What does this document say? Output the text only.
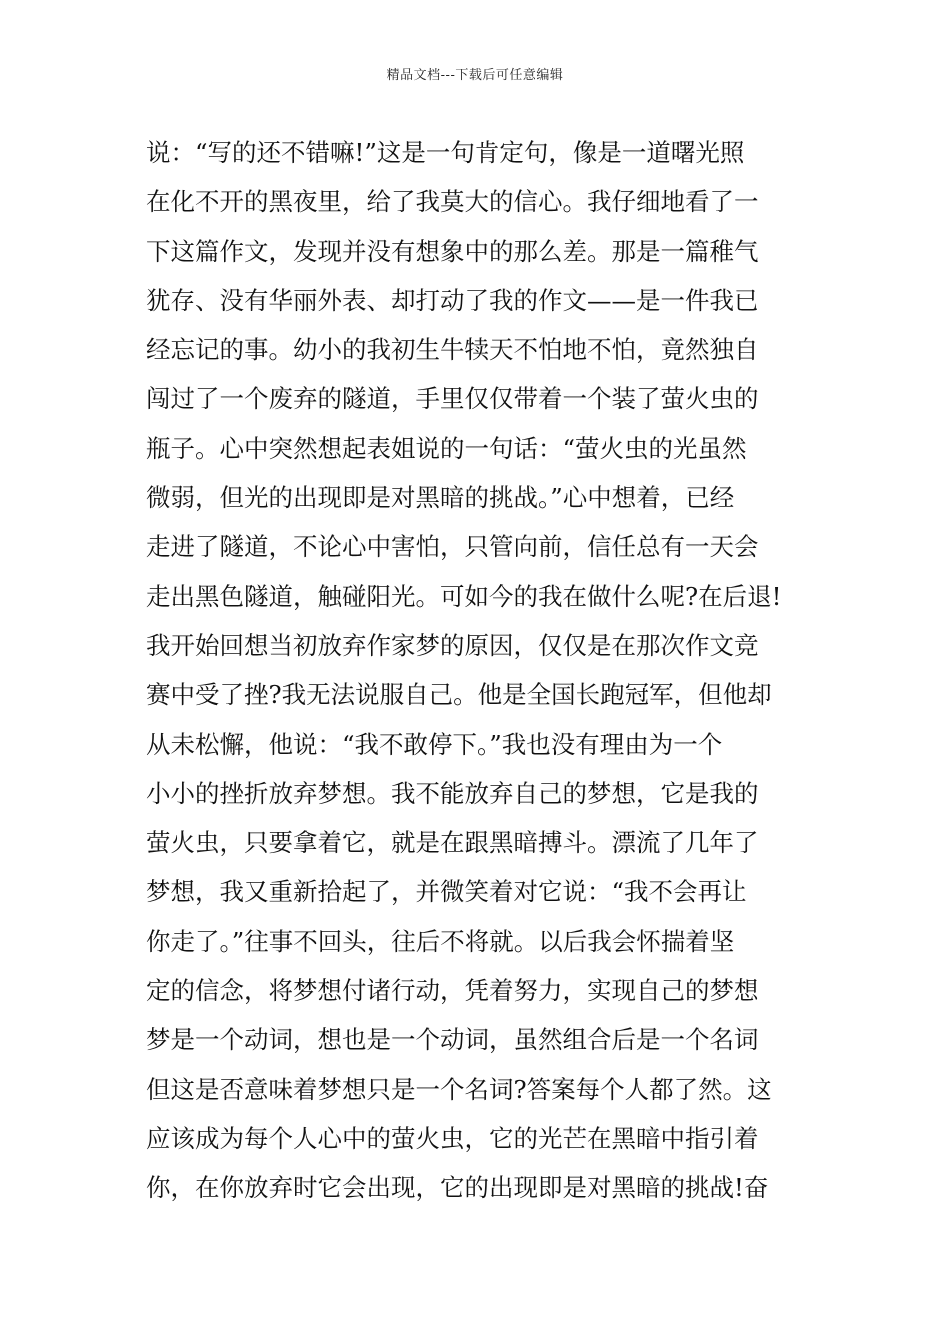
精品文档---下载后可任意编辑
说：“写的还不错嘛!”这是一句肯定句，像是一道曙光照
在化不开的黑夜里，给了我莫大的信心。我仔细地看了一
下这篇作文，发现并没有想象中的那么差。那是一篇稚气
犹存、没有华丽外表、却打动了我的作文——是一件我已
经忘记的事。幼小的我初生牛犊天不怕地不怕，竟然独自
闯过了一个废弃的隧道，手里仅仅带着一个装了萤火虫的
瓶子。心中突然想起表姐说的一句话：“萤火虫的光虽然
微弱，但光的出现即是对黑暗的挑战。”心中想着，已经
走进了隧道，不论心中害怕，只管向前，信任总有一天会
走出黑色隧道，触碰阳光。可如今的我在做什么呢?在后退!
我开始回想当初放弃作家梦的原因，仅仅是在那次作文竞
赛中受了挫?我无法说服自己。他是全国长跑冠军，但他却
从未松懈，他说：“我不敢停下。”我也没有理由为一个
小小的挫折放弃梦想。我不能放弃自己的梦想，它是我的
萤火虫，只要拿着它，就是在跟黑暗搏斗。漂流了几年了
梦想，我又重新拾起了，并微笑着对它说：“我不会再让
你走了。”往事不回头，往后不将就。以后我会怀揣着坚
定的信念，将梦想付诸行动，凭着努力，实现自己的梦想
梦是一个动词，想也是一个动词，虽然组合后是一个名词
但这是否意味着梦想只是一个名词?答案每个人都了然。这
应该成为每个人心中的萤火虫，它的光芒在黑暗中指引着
你，在你放弃时它会出现，它的出现即是对黑暗的挑战!奋
